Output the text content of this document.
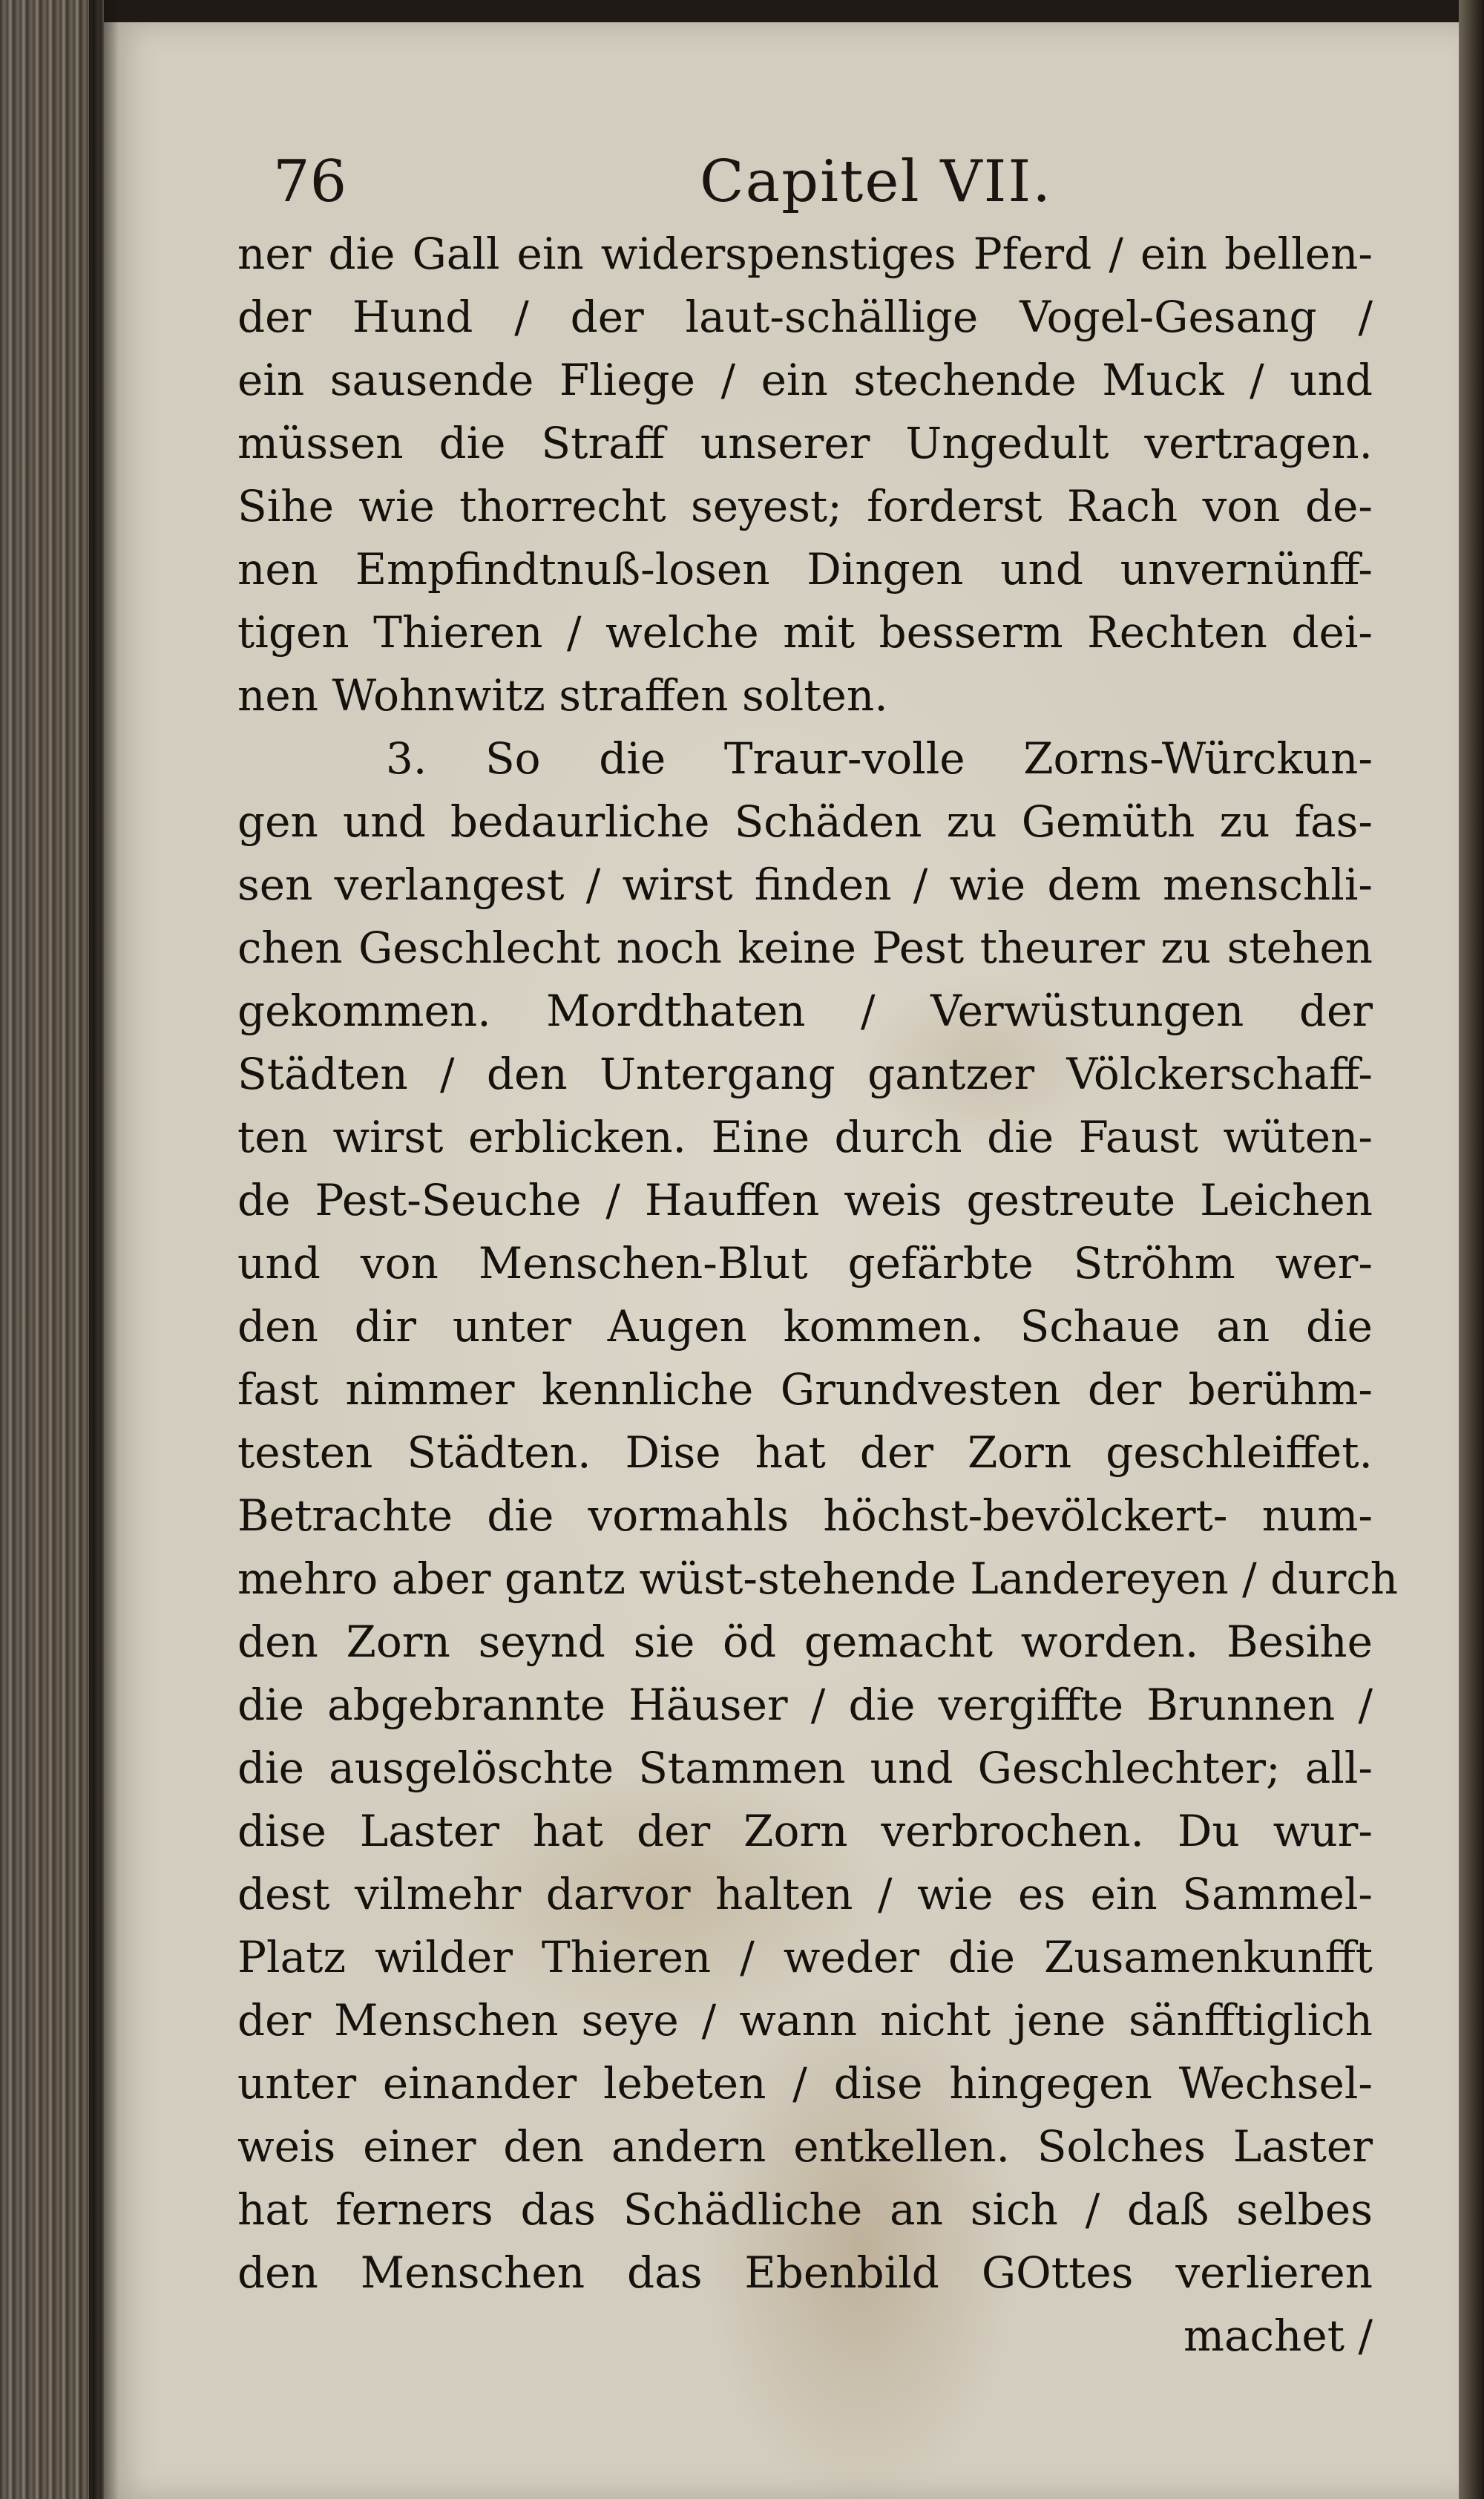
76	Capitel VII.
ner die Gall ein widerspenstiges Pferd / ein bellen-
der Hund / der laut-schällige Vogel-Gesang /
ein sausende Fliege / ein stechende Muck / und
müssen die Straff unserer Ungedult vertragen.
Sihe wie thorrecht seyest; forderst Rach von de-
nen Empfindtnuß-losen Dingen und unvernünff-
tigen Thieren / welche mit besserm Rechten dei-
nen Wohnwitz straffen solten.
3. So die Traur-volle Zorns-Würckun-
gen und bedaurliche Schäden zu Gemüth zu fas-
sen verlangest / wirst finden / wie dem menschli-
chen Geschlecht noch keine Pest theurer zu stehen
gekommen. Mordthaten / Verwüstungen der
Städten / den Untergang gantzer Völckerschaff-
ten wirst erblicken. Eine durch die Faust wüten-
de Pest-Seuche / Hauffen weis gestreute Leichen
und von Menschen-Blut gefärbte Ströhm wer-
den dir unter Augen kommen. Schaue an die
fast nimmer kennliche Grundvesten der berühm-
testen Städten. Dise hat der Zorn geschleiffet.
Betrachte die vormahls höchst-bevölckert- num-
mehro aber gantz wüst-stehende Landereyen / durch
den Zorn seynd sie öd gemacht worden. Besihe
die abgebrannte Häuser / die vergiffte Brunnen /
die ausgelöschte Stammen und Geschlechter; all-
dise Laster hat der Zorn verbrochen. Du wur-
dest vilmehr darvor halten / wie es ein Sammel-
Platz wilder Thieren / weder die Zusamenkunfft
der Menschen seye / wann nicht jene sänfftiglich
unter einander lebeten / dise hingegen Wechsel-
weis einer den andern entkellen. Solches Laster
hat ferners das Schädliche an sich / daß selbes
den Menschen das Ebenbild GOttes verlieren
machet /
